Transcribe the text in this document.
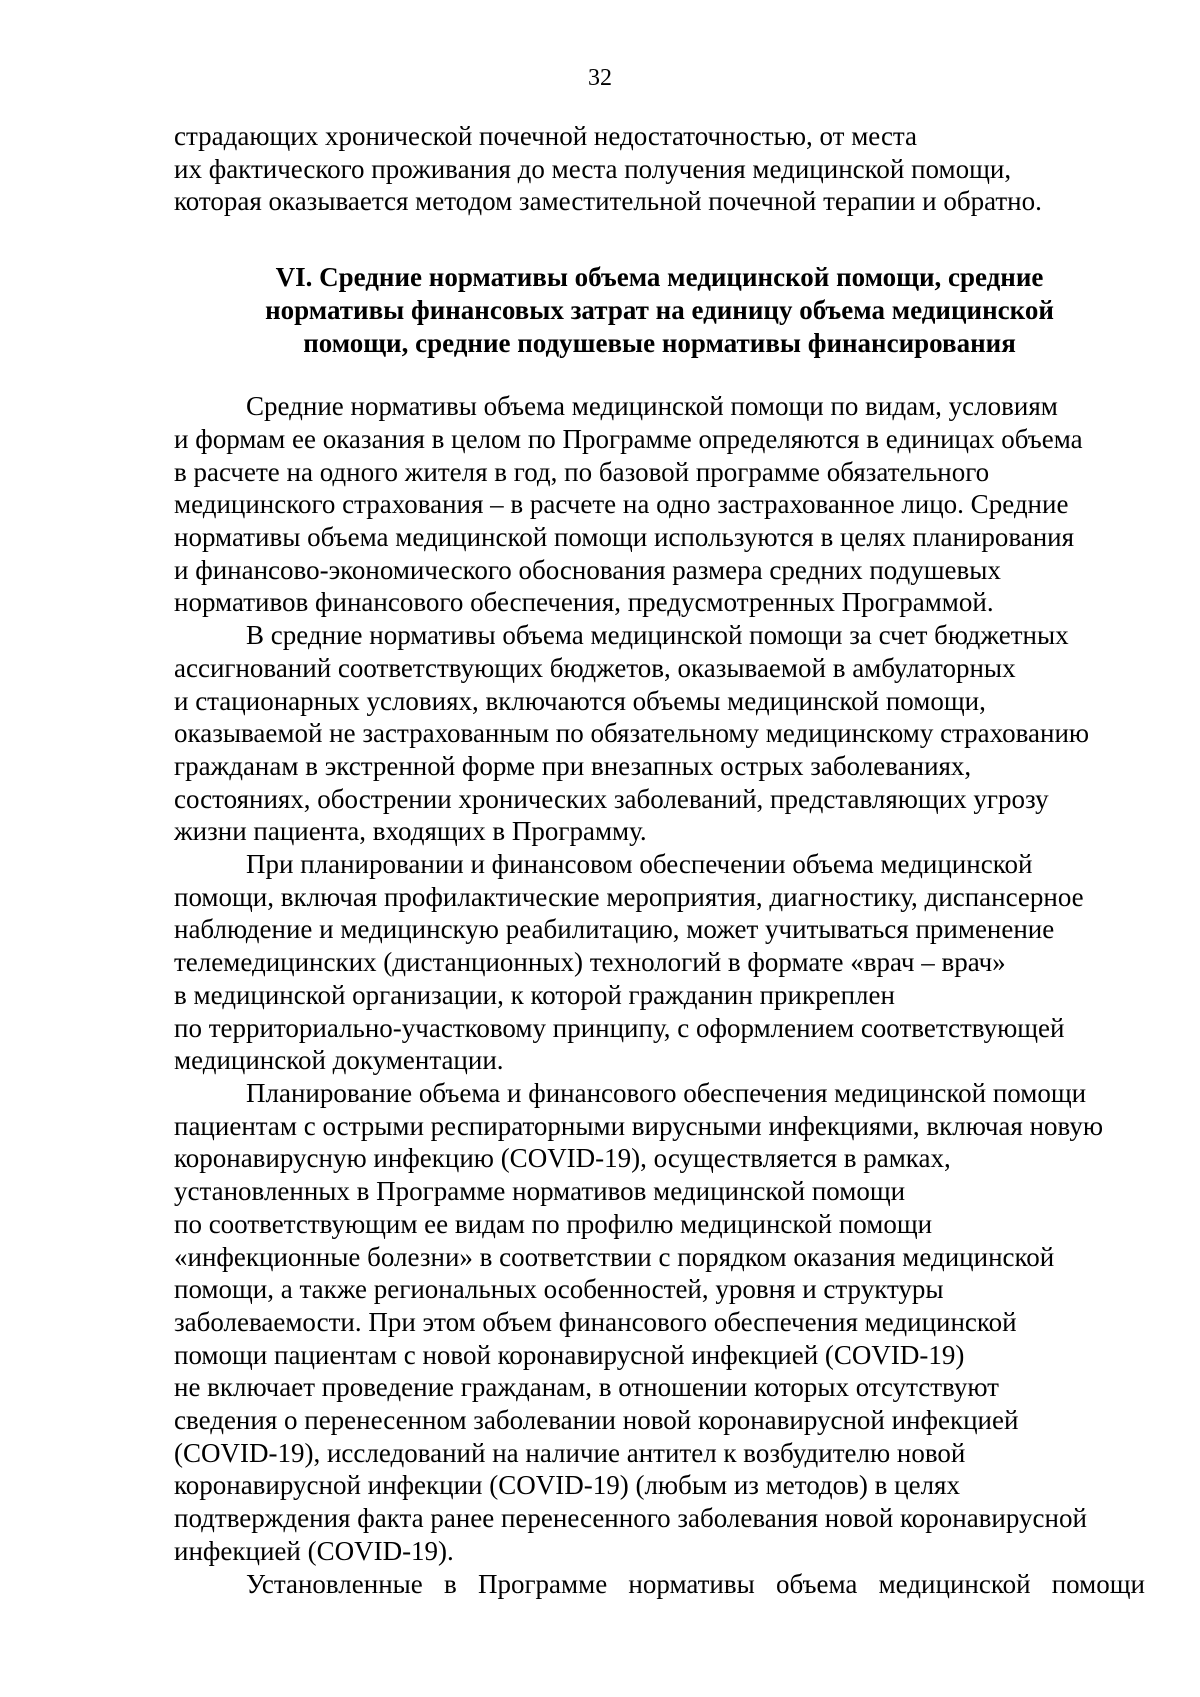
32

страдающих хронической почечной недостаточностью, от места
их фактического проживания до места получения медицинской помощи,
которая оказывается методом заместительной почечной терапии и обратно.

VI. Средние нормативы объема медицинской помощи, средние
нормативы финансовых затрат на единицу объема медицинской
помощи, средние подушевые нормативы финансирования

Средние нормативы объема медицинской помощи по видам, условиям
и формам ее оказания в целом по Программе определяются в единицах объема
в расчете на одного жителя в год, по базовой программе обязательного
медицинского страхования – в расчете на одно застрахованное лицо. Средние
нормативы объема медицинской помощи используются в целях планирования
и финансово-экономического обоснования размера средних подушевых
нормативов финансового обеспечения, предусмотренных Программой.

В средние нормативы объема медицинской помощи за счет бюджетных
ассигнований соответствующих бюджетов, оказываемой в амбулаторных
и стационарных условиях, включаются объемы медицинской помощи,
оказываемой не застрахованным по обязательному медицинскому страхованию
гражданам в экстренной форме при внезапных острых заболеваниях,
состояниях, обострении хронических заболеваний, представляющих угрозу
жизни пациента, входящих в Программу.

При планировании и финансовом обеспечении объема медицинской
помощи, включая профилактические мероприятия, диагностику, диспансерное
наблюдение и медицинскую реабилитацию, может учитываться применение
телемедицинских (дистанционных) технологий в формате «врач – врач»
в медицинской организации, к которой гражданин прикреплен
по территориально-участковому принципу, с оформлением соответствующей
медицинской документации.

Планирование объема и финансового обеспечения медицинской помощи
пациентам с острыми респираторными вирусными инфекциями, включая новую
коронавирусную инфекцию (COVID-19), осуществляется в рамках,
установленных в Программе нормативов медицинской помощи
по соответствующим ее видам по профилю медицинской помощи
«инфекционные болезни» в соответствии с порядком оказания медицинской
помощи, а также региональных особенностей, уровня и структуры
заболеваемости. При этом объем финансового обеспечения медицинской
помощи пациентам с новой коронавирусной инфекцией (COVID-19)
не включает проведение гражданам, в отношении которых отсутствуют
сведения о перенесенном заболевании новой коронавирусной инфекцией
(COVID-19), исследований на наличие антител к возбудителю новой
коронавирусной инфекции (COVID-19) (любым из методов) в целях
подтверждения факта ранее перенесенного заболевания новой коронавирусной
инфекцией (COVID-19).

Установленные в Программе нормативы объема медицинской помощи
